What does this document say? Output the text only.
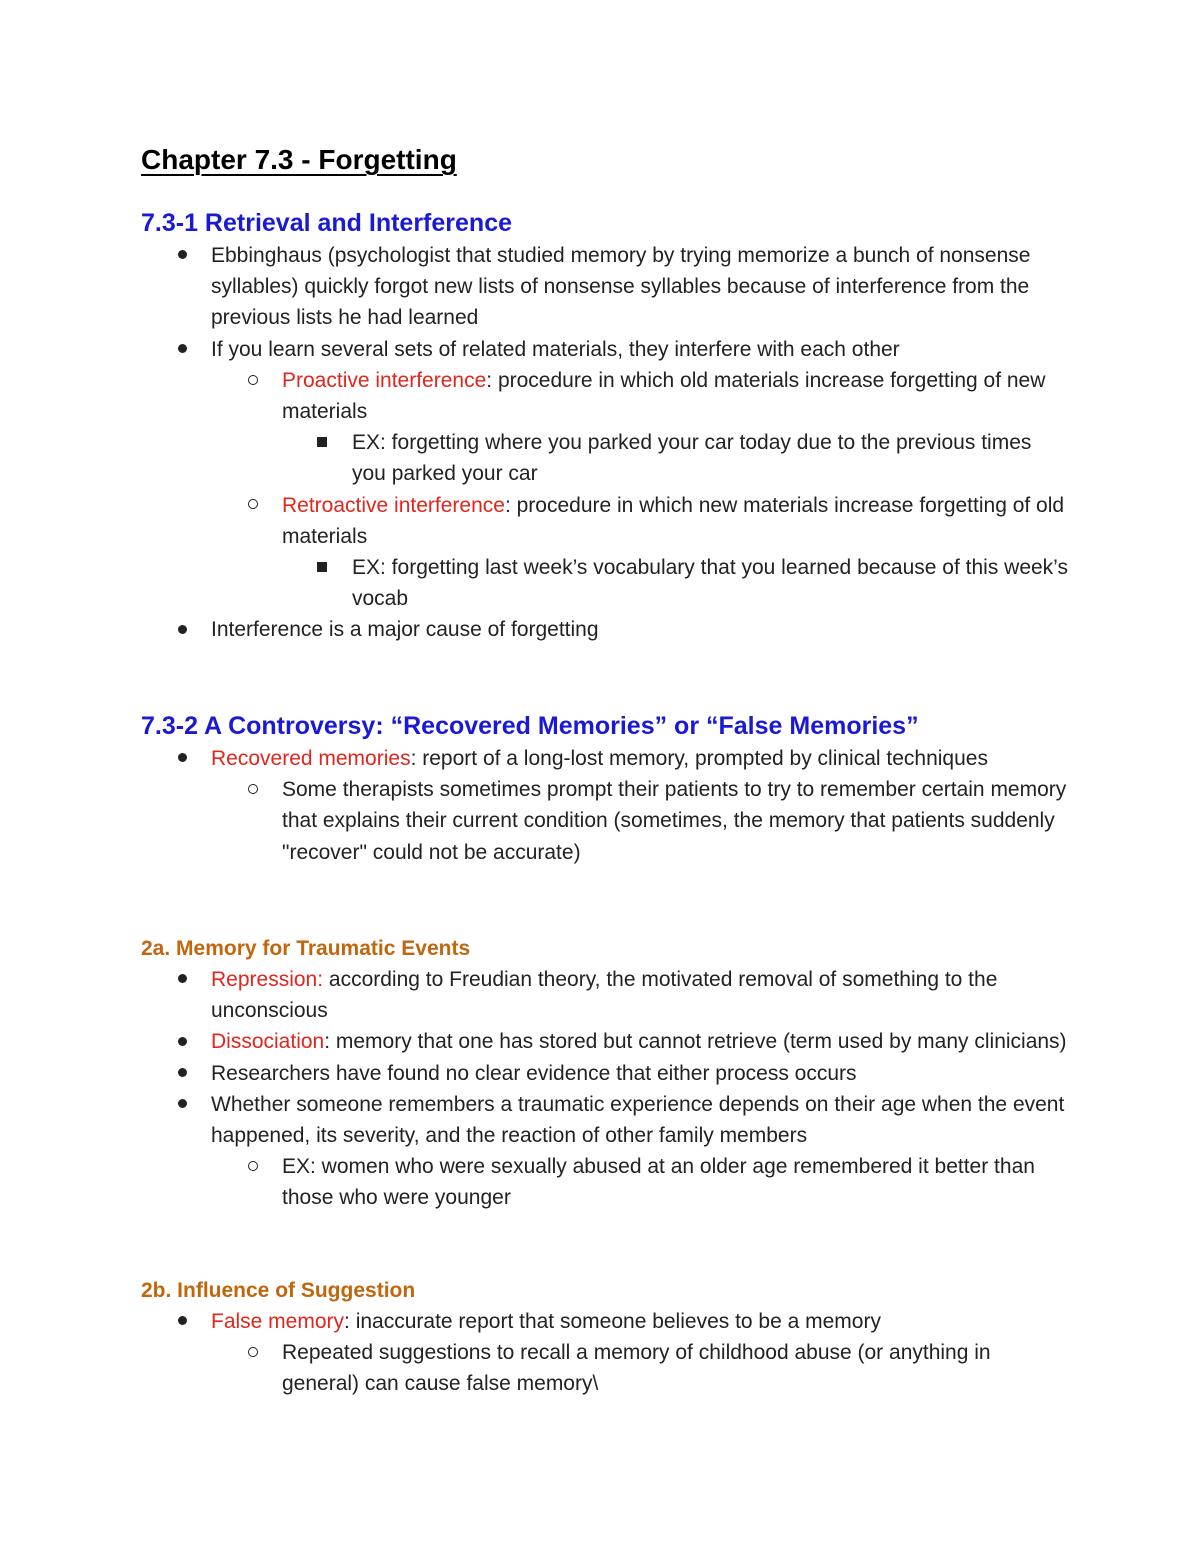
Chapter 7.3 - Forgetting
7.3-1 Retrieval and Interference
Ebbinghaus (psychologist that studied memory by trying memorize a bunch of nonsense syllables) quickly forgot new lists of nonsense syllables because of interference from the previous lists he had learned
If you learn several sets of related materials, they interfere with each other
Proactive interference: procedure in which old materials increase forgetting of new materials
EX: forgetting where you parked your car today due to the previous times you parked your car
Retroactive interference: procedure in which new materials increase forgetting of old materials
EX: forgetting last week’s vocabulary that you learned because of this week’s vocab
Interference is a major cause of forgetting
7.3-2 A Controversy: “Recovered Memories” or “False Memories”
Recovered memories: report of a long-lost memory, prompted by clinical techniques
Some therapists sometimes prompt their patients to try to remember certain memory that explains their current condition (sometimes, the memory that patients suddenly "recover" could not be accurate)
2a. Memory for Traumatic Events
Repression: according to Freudian theory, the motivated removal of something to the unconscious
Dissociation: memory that one has stored but cannot retrieve (term used by many clinicians)
Researchers have found no clear evidence that either process occurs
Whether someone remembers a traumatic experience depends on their age when the event happened, its severity, and the reaction of other family members
EX: women who were sexually abused at an older age remembered it better than those who were younger
2b. Influence of Suggestion
False memory: inaccurate report that someone believes to be a memory
Repeated suggestions to recall a memory of childhood abuse (or anything in general) can cause false memory\
